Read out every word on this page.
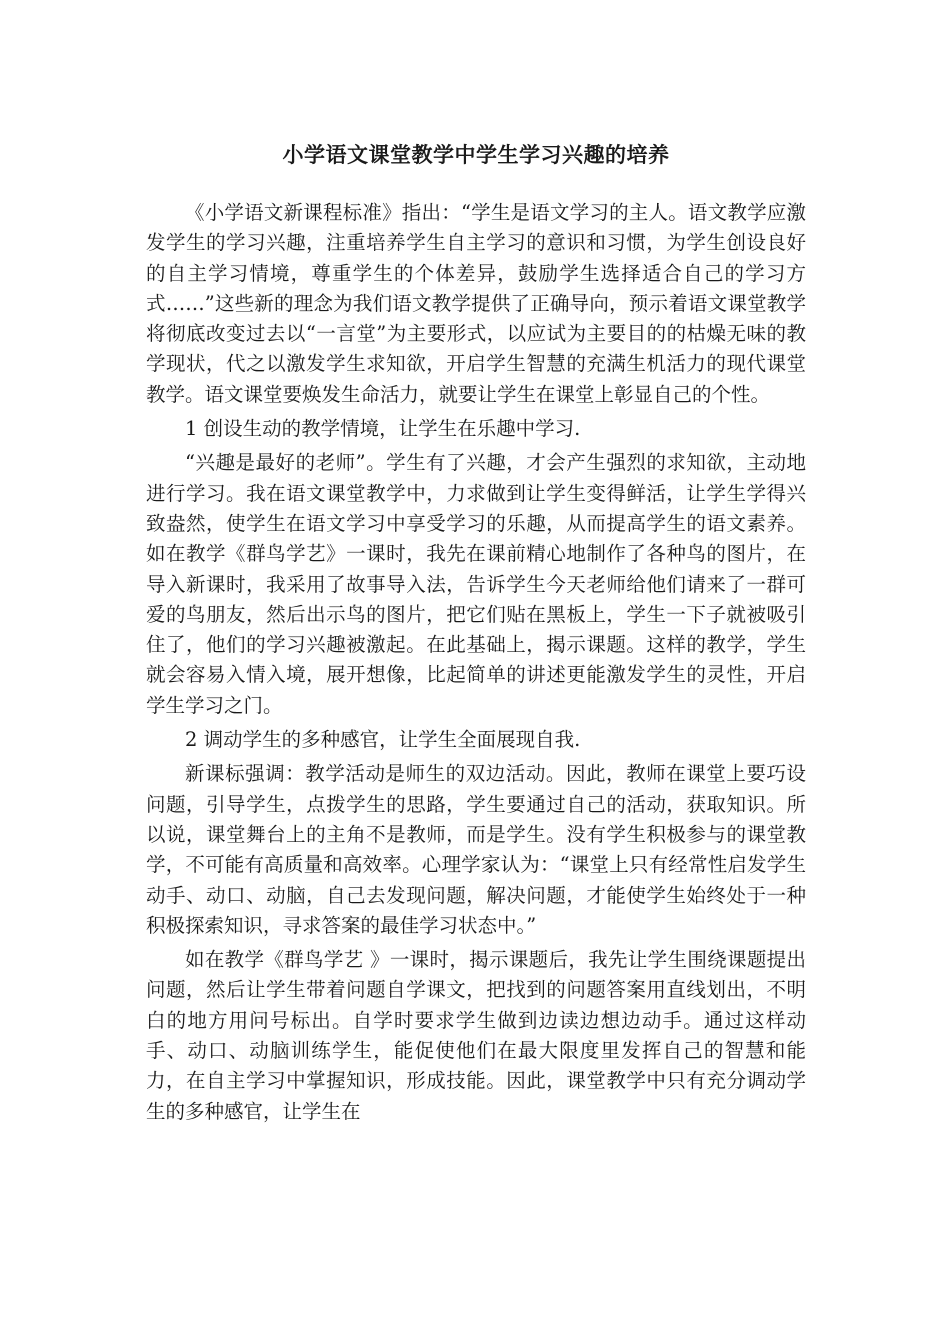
小学语文课堂教学中学生学习兴趣的培养

《小学语文新课程标准》指出：“学生是语文学习的主人。语文教学应激发学生的学习兴趣，注重培养学生自主学习的意识和习惯，为学生创设良好的自主学习情境，尊重学生的个体差异，鼓励学生选择适合自己的学习方式……”这些新的理念为我们语文教学提供了正确导向，预示着语文课堂教学将彻底改变过去以“一言堂”为主要形式，以应试为主要目的的枯燥无味的教学现状，代之以激发学生求知欲，开启学生智慧的充满生机活力的现代课堂教学。语文课堂要焕发生命活力，就要让学生在课堂上彰显自己的个性。

1 创设生动的教学情境，让学生在乐趣中学习.

“兴趣是最好的老师”。学生有了兴趣，才会产生强烈的求知欲，主动地进行学习。我在语文课堂教学中，力求做到让学生变得鲜活，让学生学得兴致盎然，使学生在语文学习中享受学习的乐趣，从而提高学生的语文素养。如在教学《群鸟学艺》一课时，我先在课前精心地制作了各种鸟的图片，在导入新课时，我采用了故事导入法，告诉学生今天老师给他们请来了一群可爱的鸟朋友，然后出示鸟的图片，把它们贴在黑板上，学生一下子就被吸引住了，他们的学习兴趣被激起。在此基础上，揭示课题。这样的教学，学生就会容易入情入境，展开想像，比起简单的讲述更能激发学生的灵性，开启学生学习之门。

2 调动学生的多种感官，让学生全面展现自我.

新课标强调：教学活动是师生的双边活动。因此，教师在课堂上要巧设问题，引导学生，点拨学生的思路，学生要通过自己的活动，获取知识。所以说，课堂舞台上的主角不是教师，而是学生。没有学生积极参与的课堂教学，不可能有高质量和高效率。心理学家认为：“课堂上只有经常性启发学生动手、动口、动脑，自己去发现问题，解决问题，才能使学生始终处于一种积极探索知识，寻求答案的最佳学习状态中。”

如在教学《群鸟学艺 》一课时，揭示课题后，我先让学生围绕课题提出问题，然后让学生带着问题自学课文，把找到的问题答案用直线划出，不明白的地方用问号标出。自学时要求学生做到边读边想边动手。通过这样动手、动口、动脑训练学生，能促使他们在最大限度里发挥自己的智慧和能力，在自主学习中掌握知识，形成技能。因此，课堂教学中只有充分调动学生的多种感官，让学生在
